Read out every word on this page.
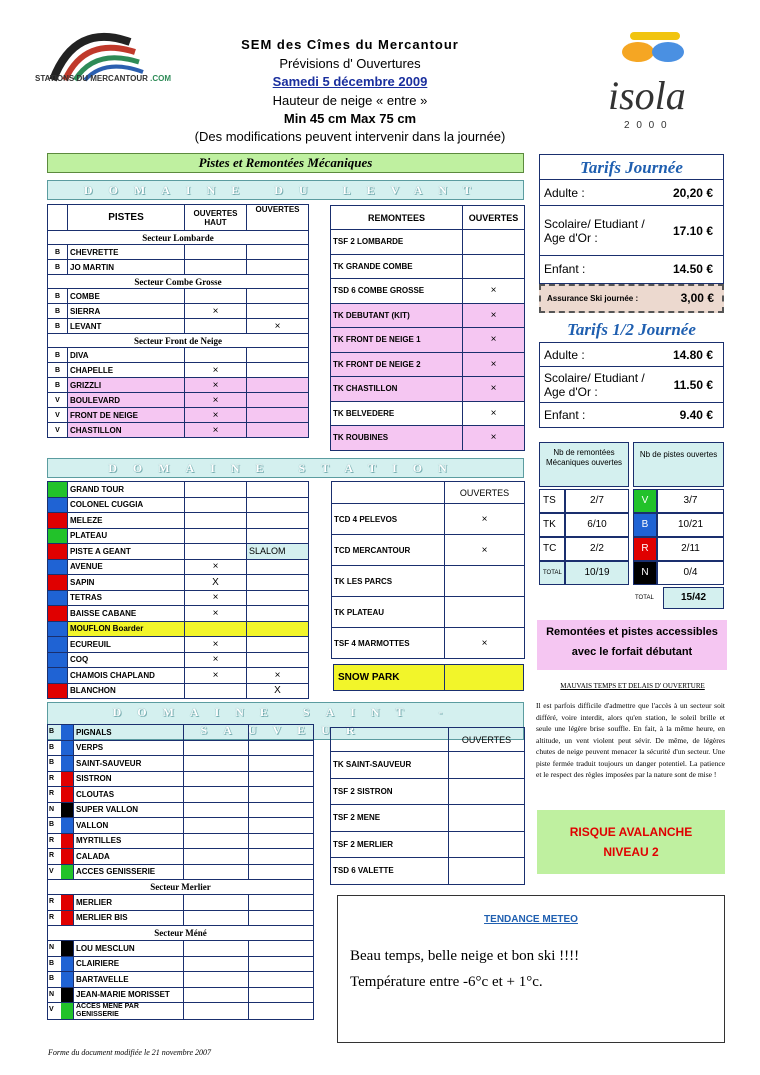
STATIONS DU MERCANTOUR .COM	isola
2 0 0 0
SEM des Cîmes du Mercantour
Prévisions d' Ouvertures
Samedi 5 décembre 2009
Hauteur de neige « entre »
Min 45 cm Max 75 cm
(Des modifications peuvent intervenir dans la journée)
Pistes et Remontées Mécaniques
DOMAINE DU LEVANT
DOMAINE STATION
DOMAINE SAINT - SAUVEUR
	PISTES	OUVERTES HAUT	OUVERTES
Secteur Lombarde			
B	CHEVRETTE		
B	JO MARTIN		
Secteur Combe Grosse			
B	COMBE		
B	SIERRA	×	
B	LEVANT		×
Secteur Front de Neige			
B	DIVA		
B	CHAPELLE	×	
B	GRIZZLI	×	
V	BOULEVARD	×	
V	FRONT DE NEIGE	×	
V	CHASTILLON	×	
REMONTEES	OUVERTES
TSF 2 LOMBARDE	
TK GRANDE COMBE	
TSD 6 COMBE GROSSE	×
TK DEBUTANT (KIT)	×
TK FRONT DE NEIGE 1	×
TK FRONT DE NEIGE 2	×
TK CHASTILLON	×
TK BELVEDERE	×
TK ROUBINES	×
	GRAND TOUR		
	COLONEL CUGGIA		
	MELEZE		
	PLATEAU		
	PISTE A GEANT		SLALOM
	AVENUE	×	
	SAPIN	X	
	TETRAS	×	
	BAISSE CABANE	×	
	MOUFLON Boarder		
	ECUREUIL	×	
	COQ	×	
	CHAMOIS CHAPLAND	×	×
	BLANCHON		X
	OUVERTES
TCD 4 PELEVOS	×
TCD MERCANTOUR	×
TK LES PARCS	
TK PLATEAU	
TSF 4 MARMOTTES	×
SNOW PARK
B	PIGNALS		

B	VERPS		

B	SAINT-SAUVEUR		

R	SISTRON		

R	CLOUTAS		

N	SUPER VALLON		

B	VALLON		

R	MYRTILLES		

R	CALADA		

V	ACCES GENISSERIE		
Secteur Merlier			

R	MERLIER		

R	MERLIER BIS		
Secteur Méné			

N	LOU MESCLUN		

B	CLAIRIERE		

B	BARTAVELLE		

N	JEAN-MARIE MORISSET		

V	ACCES MENE PAR GENISSERIE		
	OUVERTES
TK SAINT-SAUVEUR	
TSF 2 SISTRON	
TSF 2 MENE	
TSF 2 MERLIER	
TSD 6 VALETTE	
Tarifs Journée
Adulte :	20,20 €
Scolaire/ Etudiant / Age d'Or :	17.10 €
Enfant :	14.50 €
Assurance Ski journée :	3,00 €
Tarifs 1/2 Journée
Adulte :	14.80 €
Scolaire/ Etudiant / Age d'Or :	11.50 €
Enfant :	9.40 €
Nb de remontées Mécaniques ouvertes
Nb de pistes ouvertes
TS	2/7	V	3/7
TK	6/10	B	10/21
TC	2/2	R	2/11
TOTAL	10/19	N	0/4
TOTAL	15/42
Remontées et pistes accessibles
avec le forfait débutant
MAUVAIS TEMPS ET DELAIS D' OUVERTURE
Il est parfois difficile d'admettre que l'accès à un secteur soit différé, voire interdit, alors qu'en station, le soleil brille et seule une légère brise souffle. En fait, à la même heure, en altitude, un vent violent peut sévir. De même, de légères chutes de neige peuvent menacer la sécurité d'un secteur. Une piste fermée traduit toujours un danger potentiel. La patience et le respect des règles imposées par la nature sont de mise !
RISQUE AVALANCHE
NIVEAU 2
TENDANCE METEO
Beau temps, belle neige et bon ski !!!!
Température entre -6°c et + 1°c.
Forme du document modifiée le 21 novembre 2007
